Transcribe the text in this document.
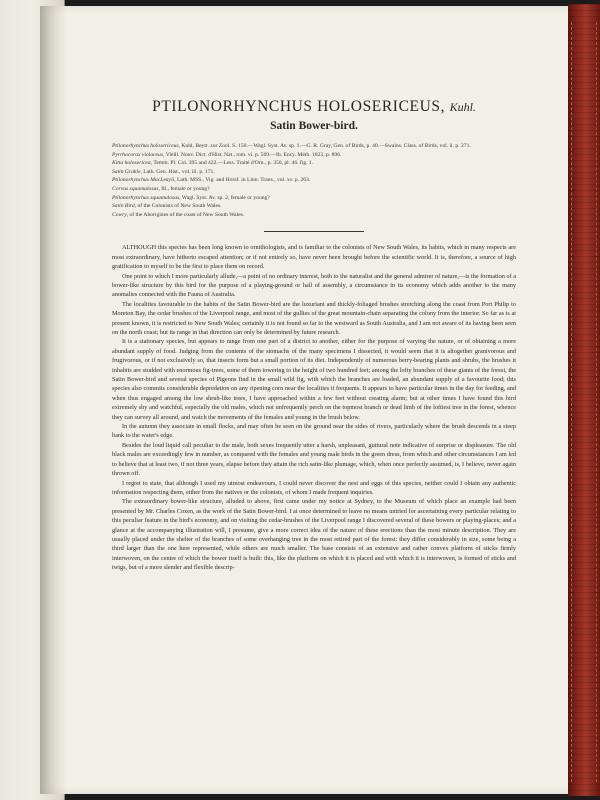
PTILONORHYNCHUS HOLOSERICEUS, Kuhl.
Satin Bower-bird.
Ptilonorhynchus holosericeus, Kuhl, Beytr. zur Zool. S. 150.—Wagl. Syst. Av. sp. 1.—G. R. Gray, Gen. of Birds, p. 40.—Swains. Class. of Birds, vol. ii. p. 271.
Pyrrhocorax violaceus, Vieill. Nouv. Dict. d'Hist. Nat., tom. vi. p. 569.—Ib. Ency. Méth. 1823, p. 896.
Kitta holosericea, Temm. Pl. Col. 395 and 422.—Less. Traité d'Orn., p. 350, pl. 46. fig. 1.
Satin Grakle, Lath. Gen. Hist., vol. iii. p. 171.
Ptilonorhynchus MacLeayii, Lath. MSS., Vig. and Horsf. in Linn. Trans., vol. xv. p. 263.
Corvus squamulosus, Ill., female or young?
Ptilonorhynchus squamulosus, Wagl. Syst. Av. sp. 2, female or young?
Satin Bird, of the Colonists of New South Wales.
Cowry, of the Aborigines of the coast of New South Wales.

ALTHOUGH this species has been long known to ornithologists, and is familiar to the colonists of New South Wales, its habits, which in many respects are most extraordinary, have hitherto escaped attention; or if not entirely so, have never been brought before the scientific world. It is, therefore, a source of high gratification to myself to be the first to place them on record.

One point to which I more particularly allude,—a point of no ordinary interest, both to the naturalist and the general admirer of nature,—is the formation of a bower-like structure by this bird for the purpose of a playing-ground or hall of assembly, a circumstance in its economy which adds another to the many anomalies connected with the Fauna of Australia.

The localities favourable to the habits of the Satin Bower-bird are the luxuriant and thickly-foliaged brushes stretching along the coast from Port Philip to Moreton Bay, the cedar brushes of the Liverpool range, and most of the gullies of the great mountain-chain separating the colony from the interior. So far as is at present known, it is restricted to New South Wales; certainly it is not found so far to the westward as South Australia, and I am not aware of its having been seen on the north coast; but its range in that direction can only be determined by future research.

It is a stationary species, but appears to range from one part of a district to another, either for the purpose of varying the nature, or of obtaining a more abundant supply of food. Judging from the contents of the stomachs of the many specimens I dissected, it would seem that it is altogether granivorous and frugivorous, or if not exclusively so, that insects form but a small portion of its diet. Independently of numerous berry-bearing plants and shrubs, the brushes it inhabits are studded with enormous fig-trees, some of them towering to the height of two hundred feet; among the lofty branches of these giants of the forest, the Satin Bower-bird and several species of Pigeons find in the small wild fig, with which the branches are loaded, an abundant supply of a favourite food; this species also commits considerable depredation on any ripening corn near the localities it frequents. It appears to have particular times in the day for feeding, and when thus engaged among the low shrub-like trees, I have approached within a few feet without creating alarm; but at other times I have found this bird extremely shy and watchful, especially the old males, which not unfrequently perch on the topmost branch or dead limb of the loftiest tree in the forest, whence they can survey all around, and watch the movements of the females and young in the brush below.

In the autumn they associate in small flocks, and may often be seen on the ground near the sides of rivers, particularly where the brush descends in a steep bank to the water's edge.

Besides the loud liquid call peculiar to the male, both sexes frequently utter a harsh, unpleasant, guttural note indicative of surprise or displeasure. The old black males are exceedingly few in number, as compared with the females and young male birds in the green dress, from which and other circumstances I am led to believe that at least two, if not three years, elapse before they attain the rich satin-like plumage, which, when once perfectly assumed, is, I believe, never again thrown off.

I regret to state, that although I used my utmost endeavours, I could never discover the nest and eggs of this species, neither could I obtain any authentic information respecting them, either from the natives or the colonists, of whom I made frequent inquiries.

The extraordinary bower-like structure, alluded to above, first came under my notice at Sydney, to the Museum of which place an example had been presented by Mr. Charles Coxen, as the work of the Satin Bower-bird. I at once determined to leave no means untried for ascertaining every particular relating to this peculiar feature in the bird's economy, and on visiting the cedar-brushes of the Liverpool range I discovered several of these bowers or playing-places; and a glance at the accompanying illustration will, I presume, give a more correct idea of the nature of these erections than the most minute description. They are usually placed under the shelter of the branches of some overhanging tree in the most retired part of the forest: they differ considerably in size, some being a third larger than the one here represented, while others are much smaller. The base consists of an extensive and rather convex platform of sticks firmly interwoven, on the centre of which the bower itself is built: this, like the platform on which it is placed and with which it is interwoven, is formed of sticks and twigs, but of a more slender and flexible descrip-
